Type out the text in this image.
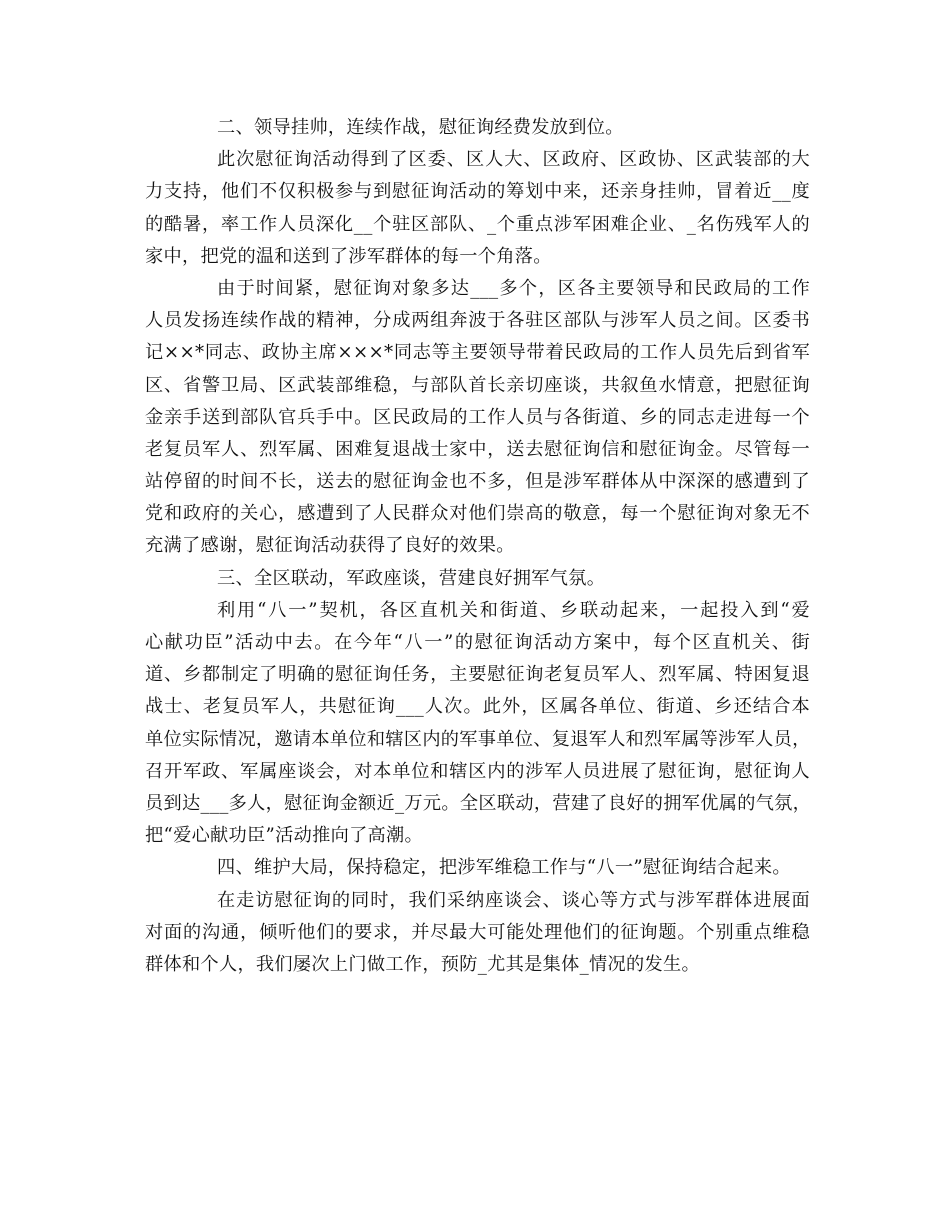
二、领导挂帅，连续作战，慰征询经费发放到位。
此次慰征询活动得到了区委、区人大、区政府、区政协、区武装部的大
力支持，他们不仅积极参与到慰征询活动的筹划中来，还亲身挂帅，冒着近__度
的酷暑，率工作人员深化__个驻区部队、_个重点涉军困难企业、_名伤残军人的
家中，把党的温和送到了涉军群体的每一个角落。
由于时间紧，慰征询对象多达___多个，区各主要领导和民政局的工作
人员发扬连续作战的精神，分成两组奔波于各驻区部队与涉军人员之间。区委书
记××*同志、政协主席×××*同志等主要领导带着民政局的工作人员先后到省军
区、省警卫局、区武装部维稳，与部队首长亲切座谈，共叙鱼水情意，把慰征询
金亲手送到部队官兵手中。区民政局的工作人员与各街道、乡的同志走进每一个
老复员军人、烈军属、困难复退战士家中，送去慰征询信和慰征询金。尽管每一
站停留的时间不长，送去的慰征询金也不多，但是涉军群体从中深深的感遭到了
党和政府的关心，感遭到了人民群众对他们崇高的敬意，每一个慰征询对象无不
充满了感谢，慰征询活动获得了良好的效果。
三、全区联动，军政座谈，营建良好拥军气氛。
利用“八一”契机，各区直机关和街道、乡联动起来，一起投入到“爱
心献功臣”活动中去。在今年“八一”的慰征询活动方案中，每个区直机关、街
道、乡都制定了明确的慰征询任务，主要慰征询老复员军人、烈军属、特困复退
战士、老复员军人，共慰征询___人次。此外，区属各单位、街道、乡还结合本
单位实际情况，邀请本单位和辖区内的军事单位、复退军人和烈军属等涉军人员，
召开军政、军属座谈会，对本单位和辖区内的涉军人员进展了慰征询，慰征询人
员到达___多人，慰征询金额近_万元。全区联动，营建了良好的拥军优属的气氛，
把“爱心献功臣”活动推向了高潮。
四、维护大局，保持稳定，把涉军维稳工作与“八一”慰征询结合起来。
在走访慰征询的同时，我们采纳座谈会、谈心等方式与涉军群体进展面
对面的沟通，倾听他们的要求，并尽最大可能处理他们的征询题。个别重点维稳
群体和个人，我们屡次上门做工作，预防_尤其是集体_情况的发生。
